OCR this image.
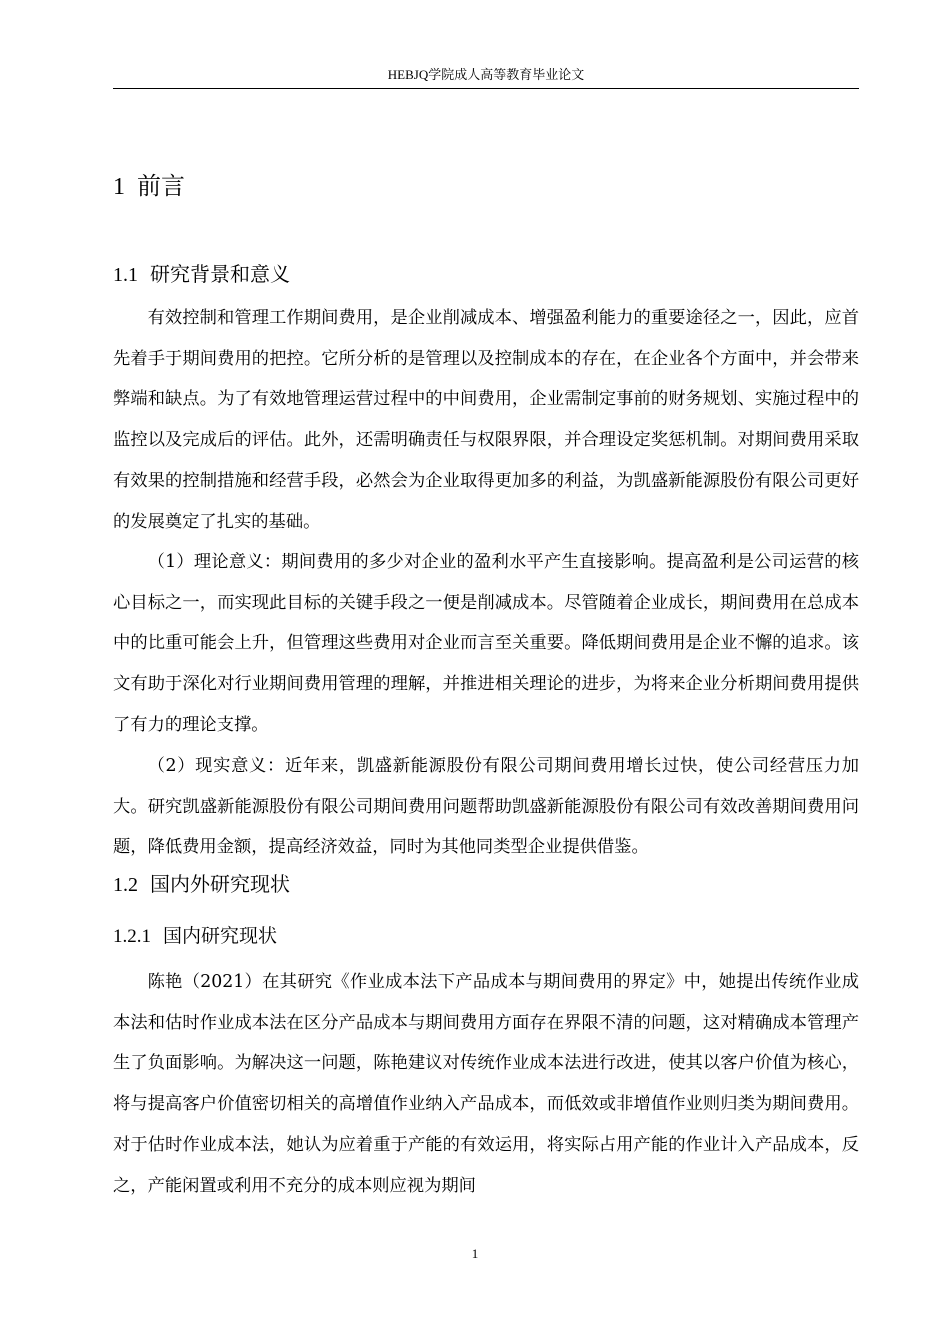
HEBJQ学院成人高等教育毕业论文
1 前言
1.1 研究背景和意义

有效控制和管理工作期间费用，是企业削减成本、增强盈利能力的重要途径之一，因此，应首先着手于期间费用的把控。它所分析的是管理以及控制成本的存在，在企业各个方面中，并会带来弊端和缺点。为了有效地管理运营过程中的中间费用，企业需制定事前的财务规划、实施过程中的监控以及完成后的评估。此外，还需明确责任与权限界限，并合理设定奖惩机制。对期间费用采取有效果的控制措施和经营手段，必然会为企业取得更加多的利益，为凯盛新能源股份有限公司更好的发展奠定了扎实的基础。

（1）理论意义：期间费用的多少对企业的盈利水平产生直接影响。提高盈利是公司运营的核心目标之一，而实现此目标的关键手段之一便是削减成本。尽管随着企业成长，期间费用在总成本中的比重可能会上升，但管理这些费用对企业而言至关重要。降低期间费用是企业不懈的追求。该文有助于深化对行业期间费用管理的理解，并推进相关理论的进步，为将来企业分析期间费用提供了有力的理论支撑。

（2）现实意义：近年来，凯盛新能源股份有限公司期间费用增长过快，使公司经营压力加大。研究凯盛新能源股份有限公司期间费用问题帮助凯盛新能源股份有限公司有效改善期间费用问题，降低费用金额，提高经济效益，同时为其他同类型企业提供借鉴。

1.2 国内外研究现状
1.2.1 国内研究现状

陈艳（2021）在其研究《作业成本法下产品成本与期间费用的界定》中，她提出传统作业成本法和估时作业成本法在区分产品成本与期间费用方面存在界限不清的问题，这对精确成本管理产生了负面影响。为解决这一问题，陈艳建议对传统作业成本法进行改进，使其以客户价值为核心，将与提高客户价值密切相关的高增值作业纳入产品成本，而低效或非增值作业则归类为期间费用。对于估时作业成本法，她认为应着重于产能的有效运用，将实际占用产能的作业计入产品成本，反之，产能闲置或利用不充分的成本则应视为期间

1
